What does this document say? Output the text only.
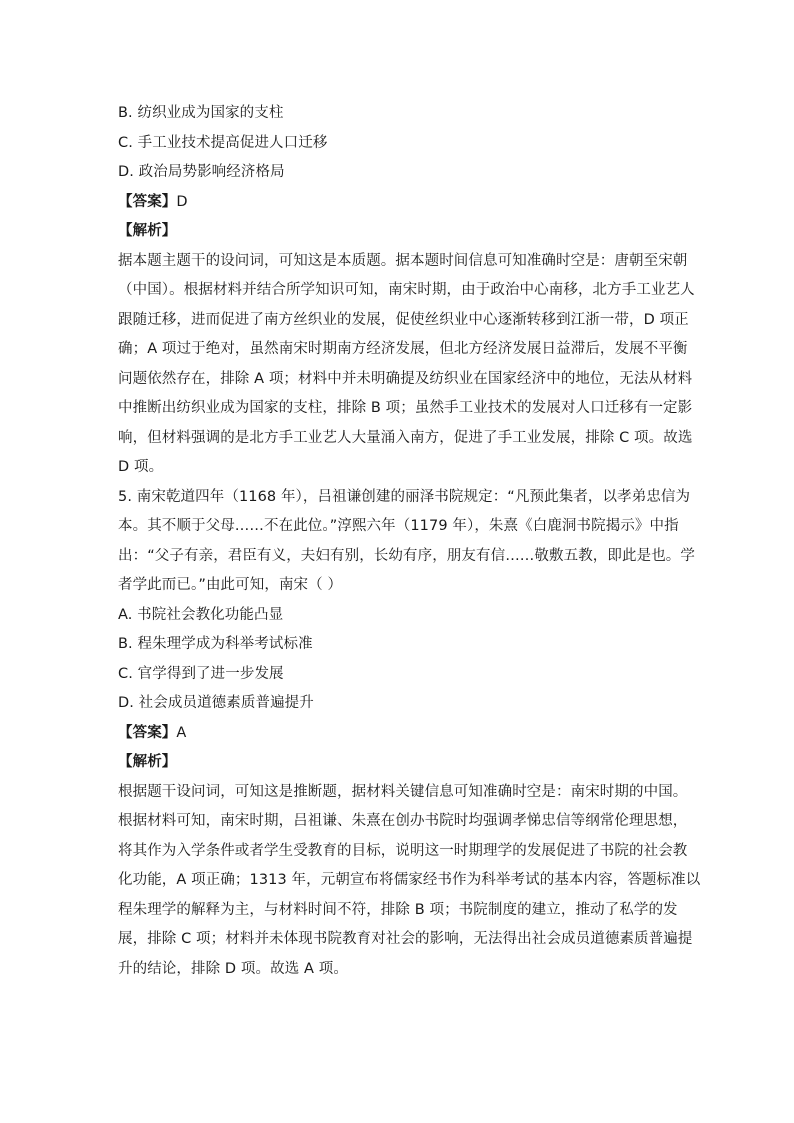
B. 纺织业成为国家的支柱
C. 手工业技术提高促进人口迁移
D. 政治局势影响经济格局
【答案】D
【解析】
据本题主题干的设问词，可知这是本质题。据本题时间信息可知准确时空是：唐朝至宋朝
（中国）。根据材料并结合所学知识可知，南宋时期，由于政治中心南移，北方手工业艺人
跟随迁移，进而促进了南方丝织业的发展，促使丝织业中心逐渐转移到江浙一带，D 项正
确；A 项过于绝对，虽然南宋时期南方经济发展，但北方经济发展日益滞后，发展不平衡
问题依然存在，排除 A 项；材料中并未明确提及纺织业在国家经济中的地位，无法从材料
中推断出纺织业成为国家的支柱，排除 B 项；虽然手工业技术的发展对人口迁移有一定影
响，但材料强调的是北方手工业艺人大量涌入南方，促进了手工业发展，排除 C 项。故选
D 项。
5. 南宋乾道四年（1168 年），吕祖谦创建的丽泽书院规定：“凡预此集者，以孝弟忠信为
本。其不顺于父母……不在此位。”淳熙六年（1179 年），朱熹《白鹿洞书院揭示》中指
出：“父子有亲，君臣有义，夫妇有别，长幼有序，朋友有信……敬敷五教，即此是也。学
者学此而已。”由此可知，南宋（ ）
A. 书院社会教化功能凸显
B. 程朱理学成为科举考试标准
C. 官学得到了进一步发展
D. 社会成员道德素质普遍提升
【答案】A
【解析】
根据题干设问词，可知这是推断题，据材料关键信息可知准确时空是：南宋时期的中国。
根据材料可知，南宋时期，吕祖谦、朱熹在创办书院时均强调孝悌忠信等纲常伦理思想，
将其作为入学条件或者学生受教育的目标，说明这一时期理学的发展促进了书院的社会教
化功能，A 项正确；1313 年，元朝宣布将儒家经书作为科举考试的基本内容，答题标准以
程朱理学的解释为主，与材料时间不符，排除 B 项；书院制度的建立，推动了私学的发
展，排除 C 项；材料并未体现书院教育对社会的影响，无法得出社会成员道德素质普遍提
升的结论，排除 D 项。故选 A 项。
